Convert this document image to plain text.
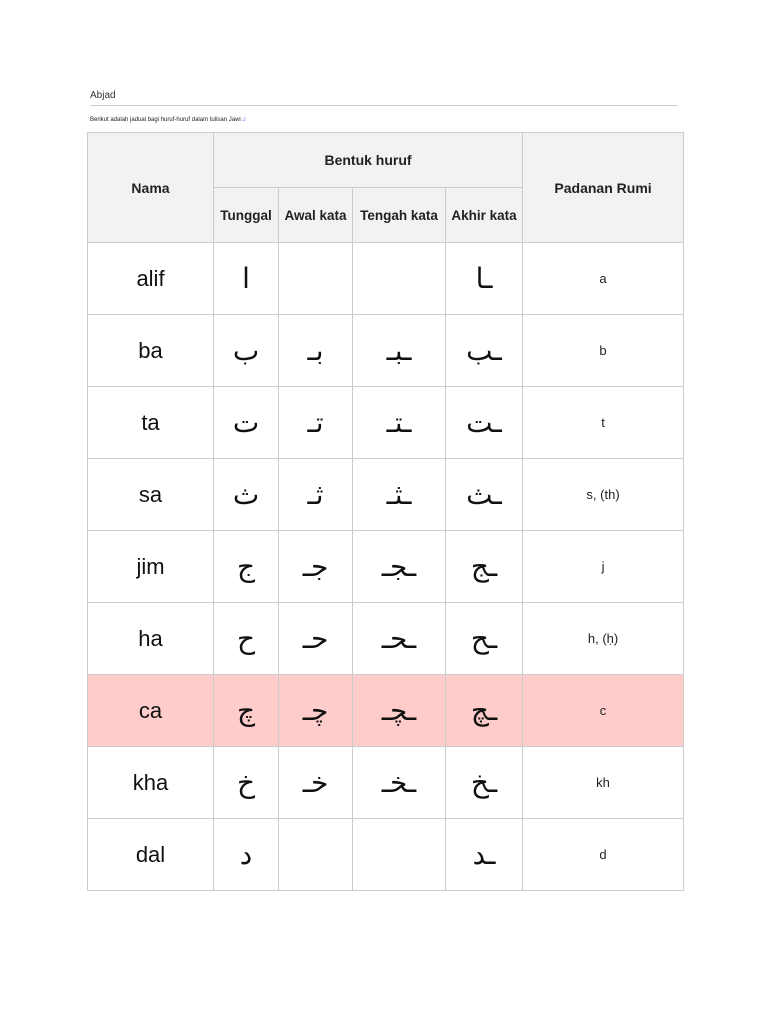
Abjad
Berikut adalah jadual bagi huruf-huruf dalam tulisan Jawi♫
Nama	Bentuk huruf				Padanan Rumi
	Tunggal	Awal kata	Tengah kata	Akhir kata	
alif	ا			ـا	a
ba	ب	بـ	ـبـ	ـب	b
ta	ت	تـ	ـتـ	ـت	t
sa	ث	ثـ	ـثـ	ـث	s, (th)
jim	ج	جـ	ـجـ	ـج	j
ha	ح	حـ	ـحـ	ـح	h, (ḥ)
ca	چ	چـ	ـچـ	ـچ	c
kha	خ	خـ	ـخـ	ـخ	kh
dal	د			ـد	d
